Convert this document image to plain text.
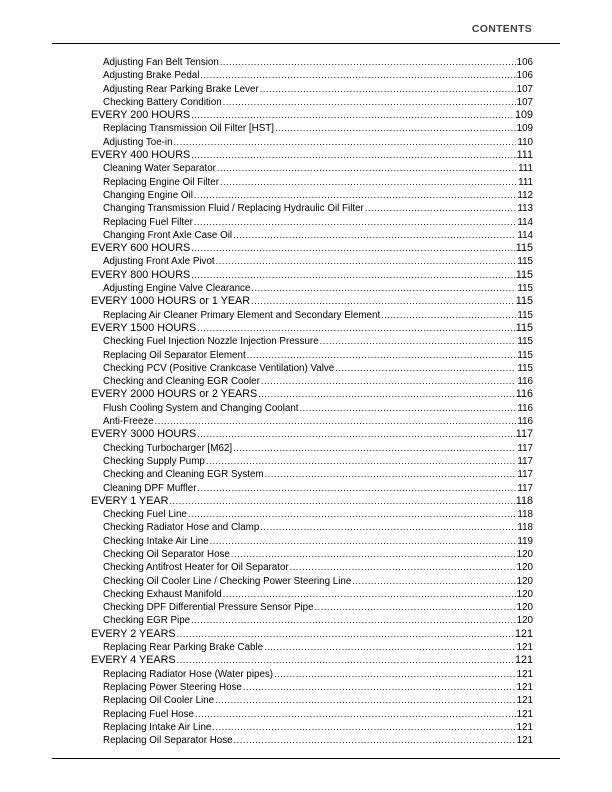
CONTENTS
Adjusting Fan Belt Tension .....	106
Adjusting Brake Pedal .....	106
Adjusting Rear Parking Brake Lever .....	107
Checking Battery Condition .....	107
EVERY 200 HOURS .....	109
Replacing Transmission Oil Filter [HST] .....	109
Adjusting Toe-in .....	110
EVERY 400 HOURS .....	111
Cleaning Water Separator .....	111
Replacing Engine Oil Filter .....	111
Changing Engine Oil .....	112
Changing Transmission Fluid / Replacing Hydraulic Oil Filter .....	113
Replacing Fuel Filter .....	114
Changing Front Axle Case Oil .....	114
EVERY 600 HOURS .....	115
Adjusting Front Axle Pivot .....	115
EVERY 800 HOURS .....	115
Adjusting Engine Valve Clearance .....	115
EVERY 1000 HOURS or 1 YEAR .....	115
Replacing Air Cleaner Primary Element and Secondary Element .....	115
EVERY 1500 HOURS .....	115
Checking Fuel Injection Nozzle Injection Pressure .....	115
Replacing Oil Separator Element .....	115
Checking PCV (Positive Crankcase Ventilation) Valve .....	115
Checking and Cleaning EGR Cooler .....	116
EVERY 2000 HOURS or 2 YEARS .....	116
Flush Cooling System and Changing Coolant .....	116
Anti-Freeze .....	116
EVERY 3000 HOURS .....	117
Checking Turbocharger [M62] .....	117
Checking Supply Pump .....	117
Checking and Cleaning EGR System .....	117
Cleaning DPF Muffler .....	117
EVERY 1 YEAR .....	118
Checking Fuel Line .....	118
Checking Radiator Hose and Clamp .....	118
Checking Intake Air Line .....	119
Checking Oil Separator Hose .....	120
Checking Antifrost Heater for Oil Separator .....	120
Checking Oil Cooler Line / Checking Power Steering Line .....	120
Checking Exhaust Manifold .....	120
Checking DPF Differential Pressure Sensor Pipe .....	120
Checking EGR Pipe .....	120
EVERY 2 YEARS .....	121
Replacing Rear Parking Brake Cable .....	121
EVERY 4 YEARS .....	121
Replacing Radiator Hose (Water pipes) .....	121
Replacing Power Steering Hose .....	121
Replacing Oil Cooler Line .....	121
Replacing Fuel Hose .....	121
Replacing Intake Air Line .....	121
Replacing Oil Separator Hose .....	121
